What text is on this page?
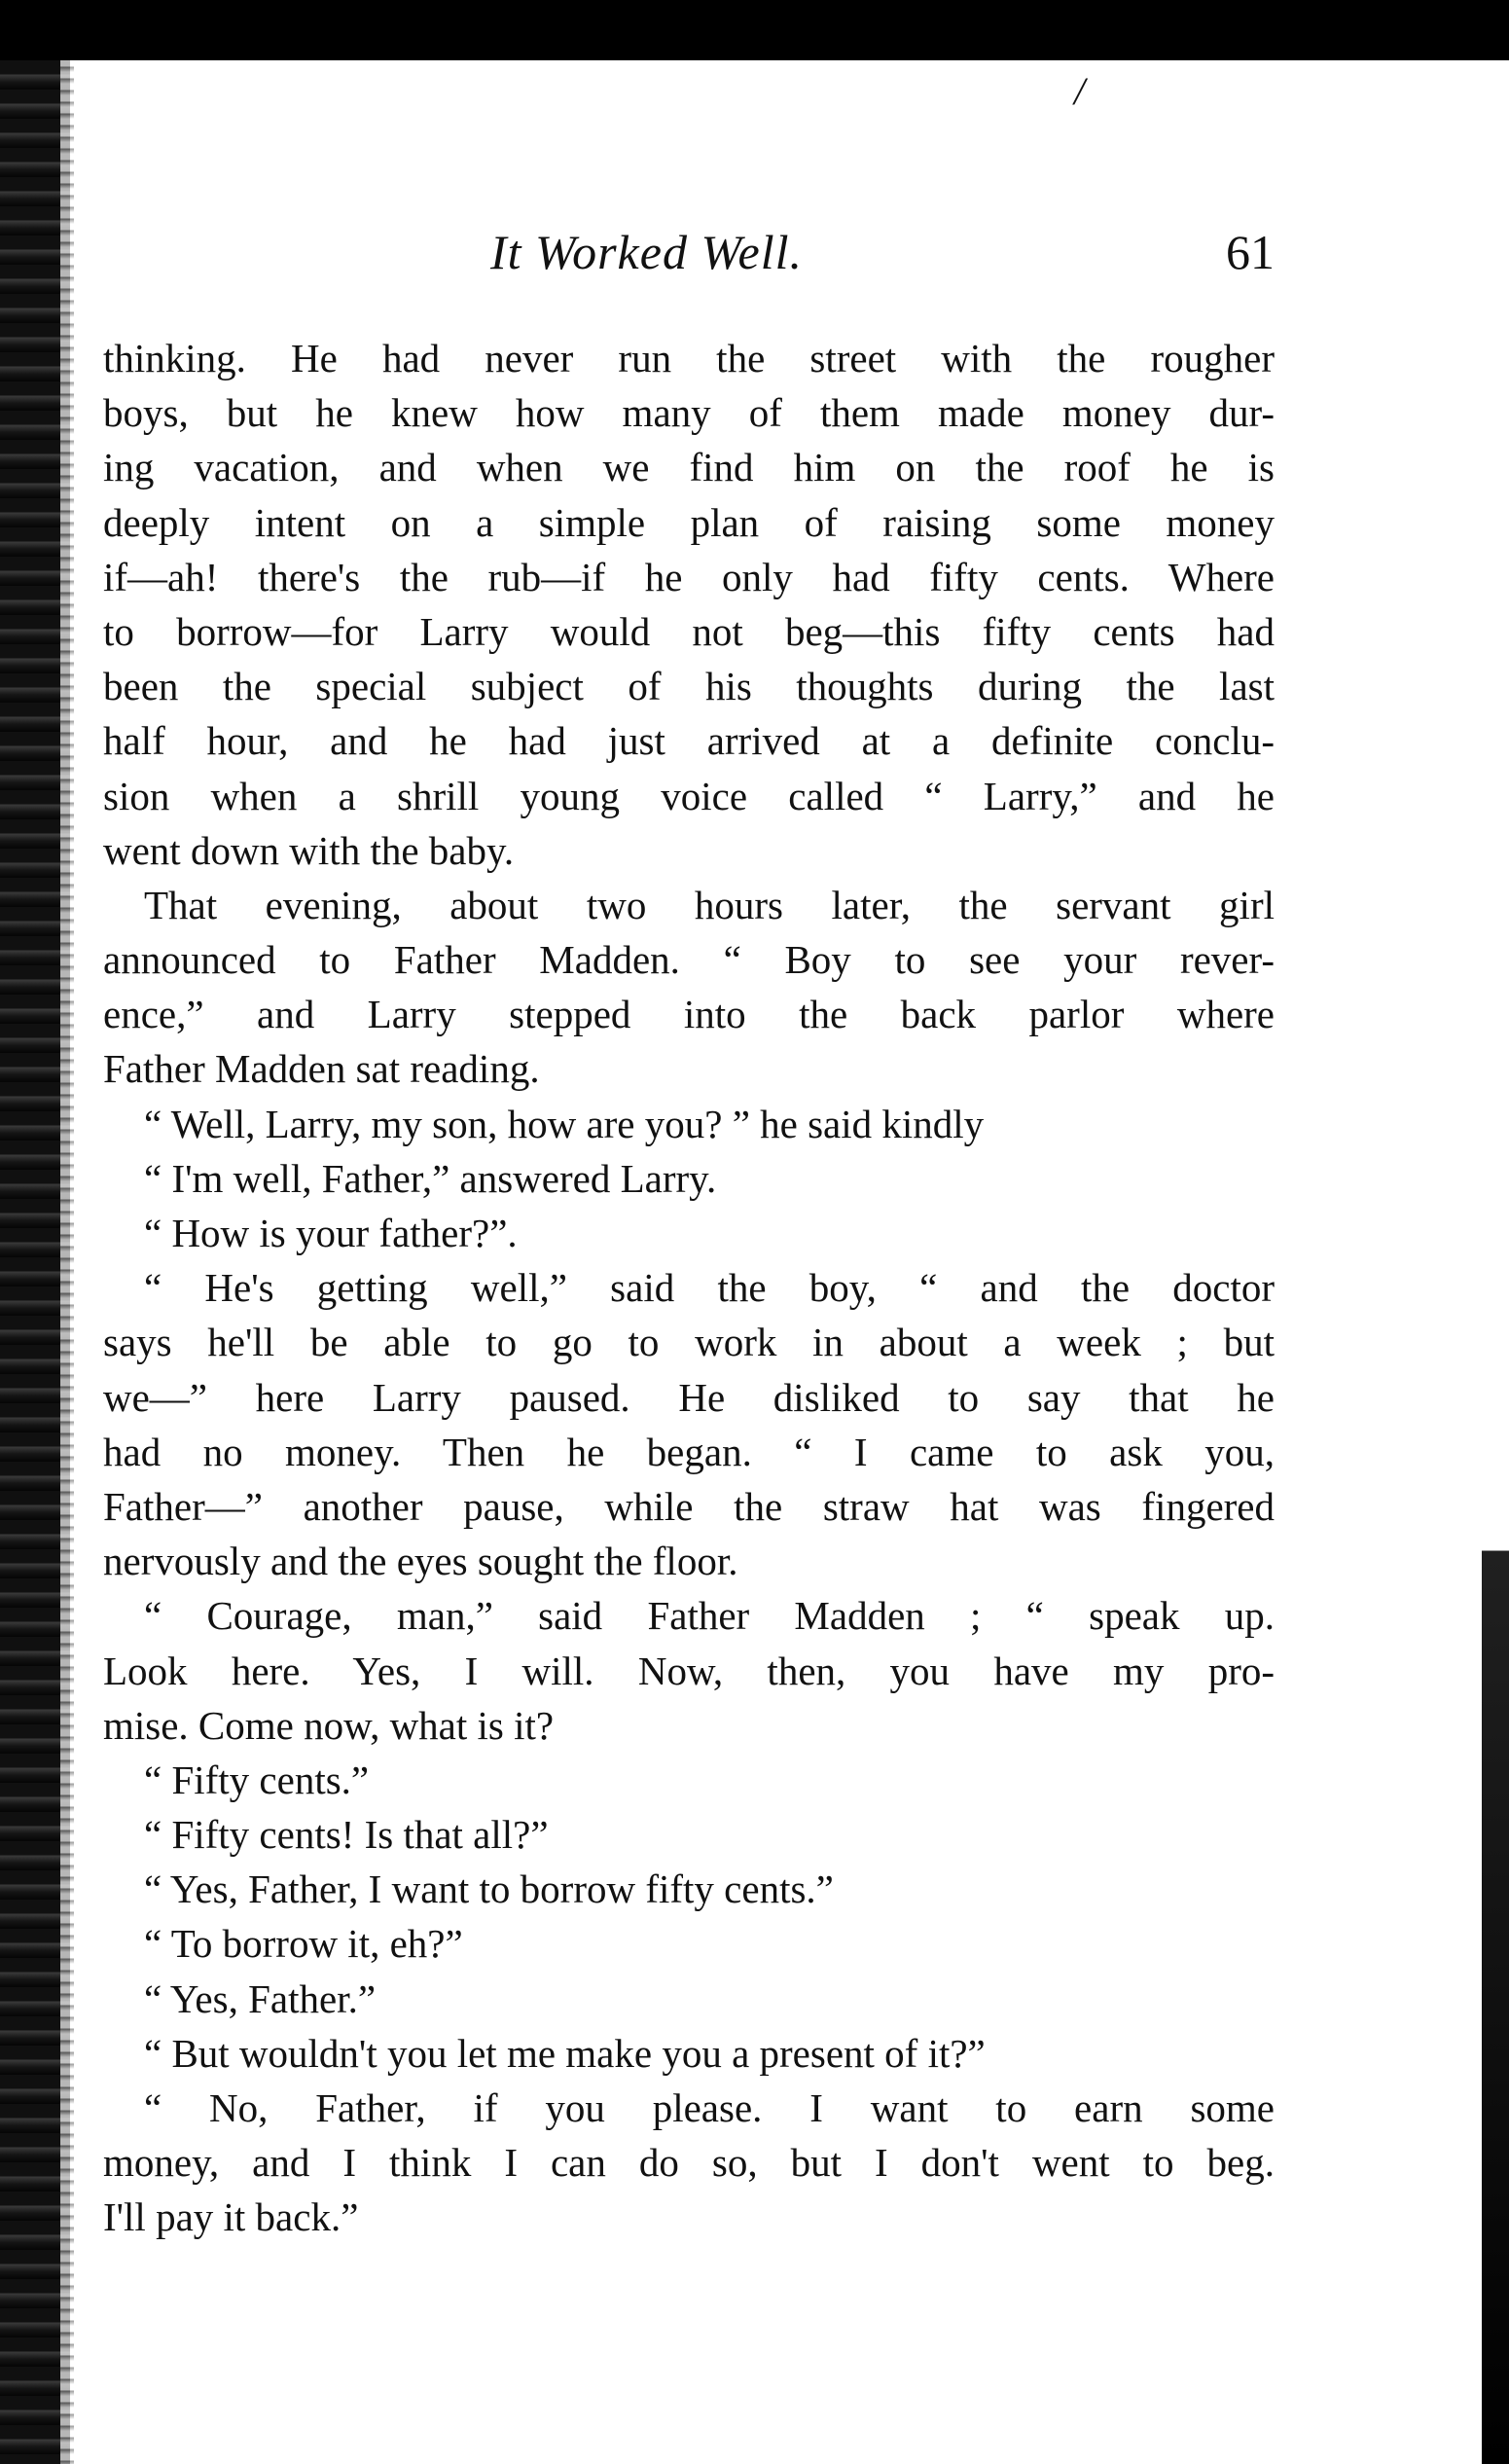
/
It Worked Well.	61
thinking. He had never run the street with the rougher
boys, but he knew how many of them made money dur-
ing vacation, and when we find him on the roof he is
deeply intent on a simple plan of raising some money
if—ah! there's the rub—if he only had fifty cents. Where
to borrow—for Larry would not beg—this fifty cents had
been the special subject of his thoughts during the last
half hour, and he had just arrived at a definite conclu-
sion when a shrill young voice called “ Larry,” and he
went down with the baby.
That evening, about two hours later, the servant girl
announced to Father Madden. “ Boy to see your rever-
ence,” and Larry stepped into the back parlor where
Father Madden sat reading.
“ Well, Larry, my son, how are you? ” he said kindly
“ I'm well, Father,” answered Larry.
“ How is your father?”.
“ He's getting well,” said the boy, “ and the doctor
says he'll be able to go to work in about a week ; but
we—” here Larry paused. He disliked to say that he
had no money. Then he began. “ I came to ask you,
Father—” another pause, while the straw hat was fingered
nervously and the eyes sought the floor.
“ Courage, man,” said Father Madden ; “ speak up.
Look here. Yes, I will. Now, then, you have my pro-
mise. Come now, what is it?
“ Fifty cents.”
“ Fifty cents! Is that all?”
“ Yes, Father, I want to borrow fifty cents.”
“ To borrow it, eh?”
“ Yes, Father.”
“ But wouldn't you let me make you a present of it?”
“ No, Father, if you please. I want to earn some
money, and I think I can do so, but I don't went to beg.
I'll pay it back.”
